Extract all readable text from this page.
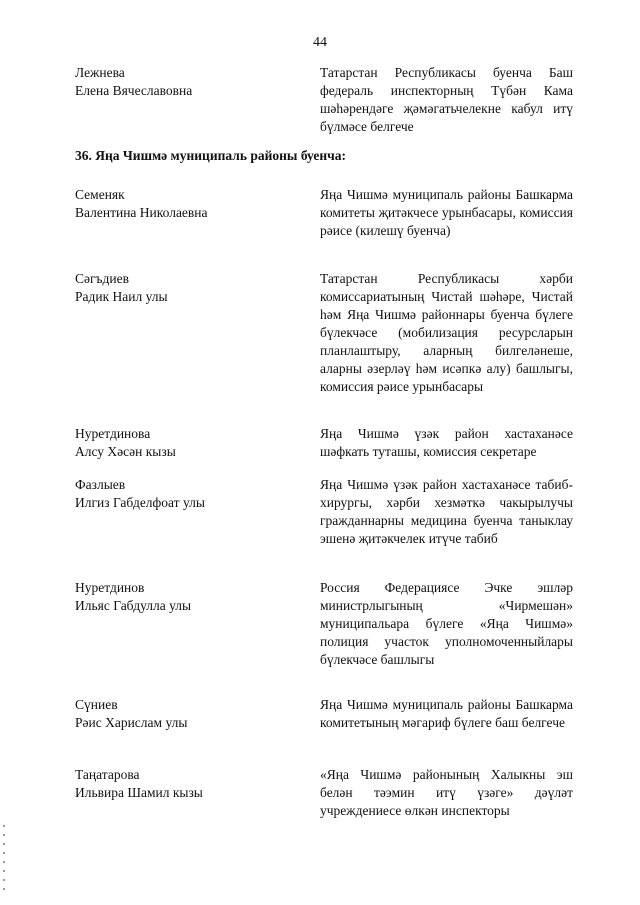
44
Лежнева
Елена Вячеславовна
Татарстан Республикасы буенча Баш федераль инспекторның Түбән Кама шәһәрендәге җәмәгатьчелекне кабул итү бүлмәсе белгече
36. Яңа Чишмә муниципаль районы буенча:
Семеняк
Валентина Николаевна
Яңа Чишмә муниципаль районы Башкарма комитеты җитәкчесе урынбасары, комиссия рәисе (килешү буенча)
Сәгъдиев
Радик Наил улы
Татарстан Республикасы хәрби комиссариатының Чистай шәһәре, Чистай һәм Яңа Чишмә районнары буенча бүлеге бүлекчәсе (мобилизация ресурсларын планлаштыру, аларның билгеләнеше, аларны әзерләү һәм исәпкә алу) башлыгы, комиссия рәисе урынбасары
Нуретдинова
Алсу Хәсән кызы
Яңа Чишмә үзәк район хастаханәсе шәфкать туташы, комиссия секретаре
Фазлыев
Илгиз Габделфоат улы
Яңа Чишмә үзәк район хастаханәсе табиб-хирургы, хәрби хезмәткә чакырылучы гражданнарны медицина буенча таныклау эшенә җитәкчелек итүче табиб
Нуретдинов
Ильяс Габдулла улы
Россия Федерациясе Эчке эшләр министрлыгының «Чирмешән» муниципальара бүлеге «Яңа Чишмә» полиция участок уполномоченныйлары бүлекчәсе башлыгы
Сүниев
Рәис Харислам улы
Яңа Чишмә муниципаль районы Башкарма комитетының мәгариф бүлеге баш белгече
Таңатарова
Ильвира Шамил кызы
«Яңа Чишмә районының Халыкны эш белән тәэмин итү үзәге» дәүләт учреждениесе өлкән инспекторы
